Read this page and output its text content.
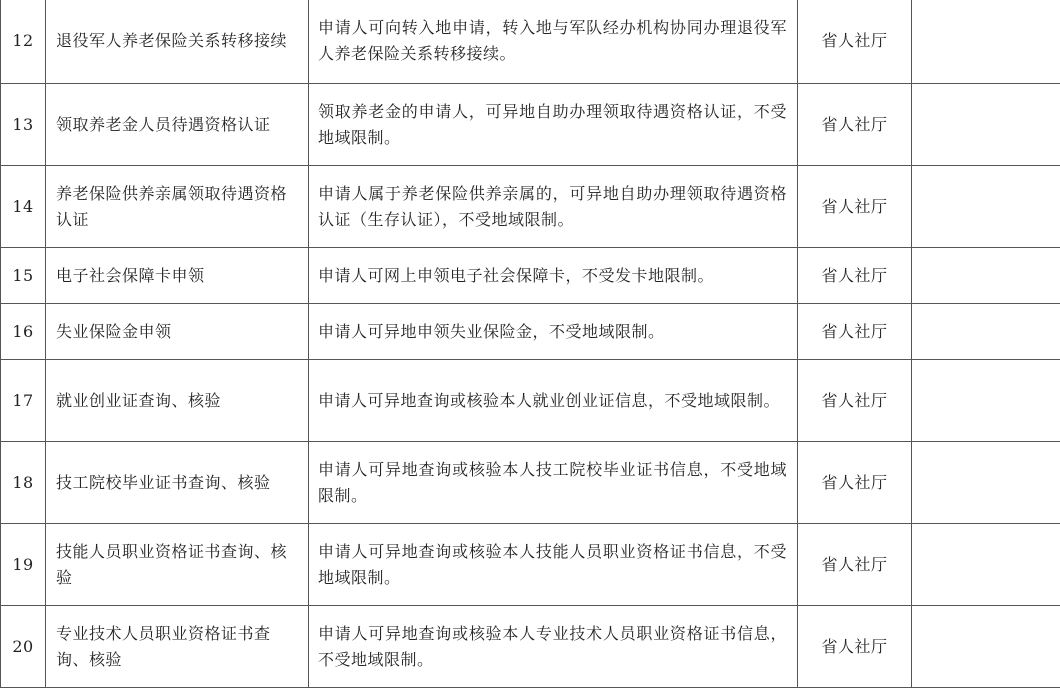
12	退役军人养老保险关系转移接续	申请人可向转入地申请，转入地与军队经办机构协同办理退役军人养老保险关系转移接续。	省人社厅	
13	领取养老金人员待遇资格认证	领取养老金的申请人，可异地自助办理领取待遇资格认证，不受地域限制。	省人社厅	
14	养老保险供养亲属领取待遇资格认证	申请人属于养老保险供养亲属的，可异地自助办理领取待遇资格认证（生存认证），不受地域限制。	省人社厅	
15	电子社会保障卡申领	申请人可网上申领电子社会保障卡，不受发卡地限制。	省人社厅	
16	失业保险金申领	申请人可异地申领失业保险金，不受地域限制。	省人社厅	
17	就业创业证查询、核验	申请人可异地查询或核验本人就业创业证信息，不受地域限制。	省人社厅	
18	技工院校毕业证书查询、核验	申请人可异地查询或核验本人技工院校毕业证书信息，不受地域限制。	省人社厅	
19	技能人员职业资格证书查询、核验	申请人可异地查询或核验本人技能人员职业资格证书信息，不受地域限制。	省人社厅	
20	专业技术人员职业资格证书查询、核验	申请人可异地查询或核验本人专业技术人员职业资格证书信息，不受地域限制。	省人社厅	
